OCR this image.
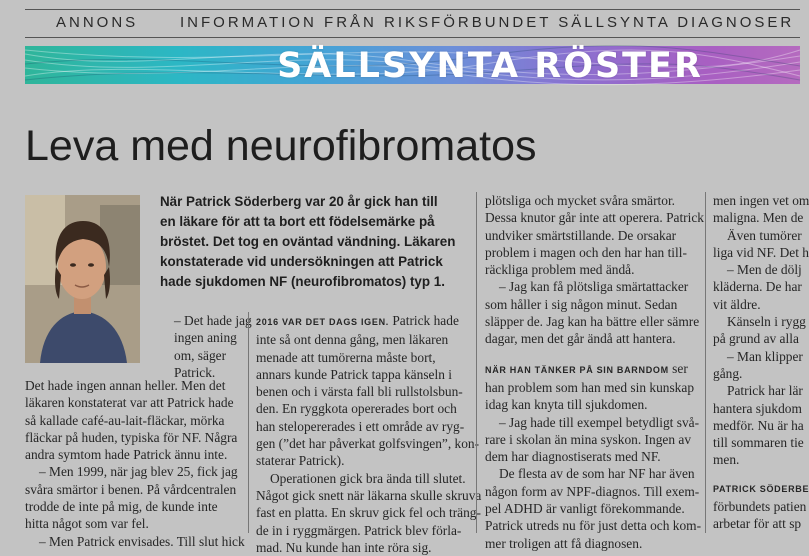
ANNONS	INFORMATION FRÅN RIKSFÖRBUNDET SÄLLSYNTA DIAGNOSER
SÄLLSYNTA RÖSTER
Leva med neurofibromatos

När Patrick Söderberg var 20 år gick han till

en läkare för att ta bort ett födelsemärke på

bröstet. Det tog en oväntad vändning. Läkaren

konstaterade vid undersökningen att Patrick

hade sjukdomen NF (neurofibromatos) typ 1.

– Det hade jag

ingen aning

om, säger

Patrick.

Det hade ingen annan heller. Men det

läkaren konstaterat var att Patrick hade

så kallade café-au-lait-fläckar, mörka

fläckar på huden, typiska för NF. Några

andra symtom hade Patrick ännu inte.

– Men 1999, när jag blev 25, fick jag

svåra smärtor i benen. På vårdcentralen

trodde de inte på mig, de kunde inte

hitta något som var fel.

– Men Patrick envisades. Till slut hick

2016 VAR DET DAGS IGEN. Patrick hade

inte så ont denna gång, men läkaren

menade att tumörerna måste bort,

annars kunde Patrick tappa känseln i

benen och i värsta fall bli rullstolsbun-

den. En ryggkota opererades bort och

han stelopererades i ett område av ryg-

gen (”det har påverkat golfsvingen”, kon-

staterar Patrick).

Operationen gick bra ända till slutet.

Något gick snett när läkarna skulle skruva

fast en platta. En skruv gick fel och träng-

de in i ryggmärgen. Patrick blev förla-

mad. Nu kunde han inte röra sig.

plötsliga och mycket svåra smärtor.

Dessa knutor går inte att operera. Patrick

undviker smärtstillande. De orsakar

problem i magen och den har han till-

räckliga problem med ändå.

– Jag kan få plötsliga smärtattacker

som håller i sig någon minut. Sedan

släpper de. Jag kan ha bättre eller sämre

dagar, men det går ändå att hantera.

NÄR HAN TÄNKER PÅ SIN BARNDOM ser

han problem som han med sin kunskap

idag kan knyta till sjukdomen.

– Jag hade till exempel betydligt svå-

rare i skolan än mina syskon. Ingen av

dem har diagnostiserats med NF.

De flesta av de som har NF har även

någon form av NPF-diagnos. Till exem-

pel ADHD är vanligt förekommande.

Patrick utreds nu för just detta och kom-

mer troligen att få diagnosen.

men ingen vet om

maligna. Men de

Även tumörer

liga vid NF. Det h

– Men de dölj

kläderna. De har

vit äldre.

Känseln i rygg

på grund av alla

– Man klipper

gång.

Patrick har lär

hantera sjukdom

medför. Nu är ha

till sommaren tie

men.

PATRICK SÖDERBE

förbundets patien

arbetar för att sp
